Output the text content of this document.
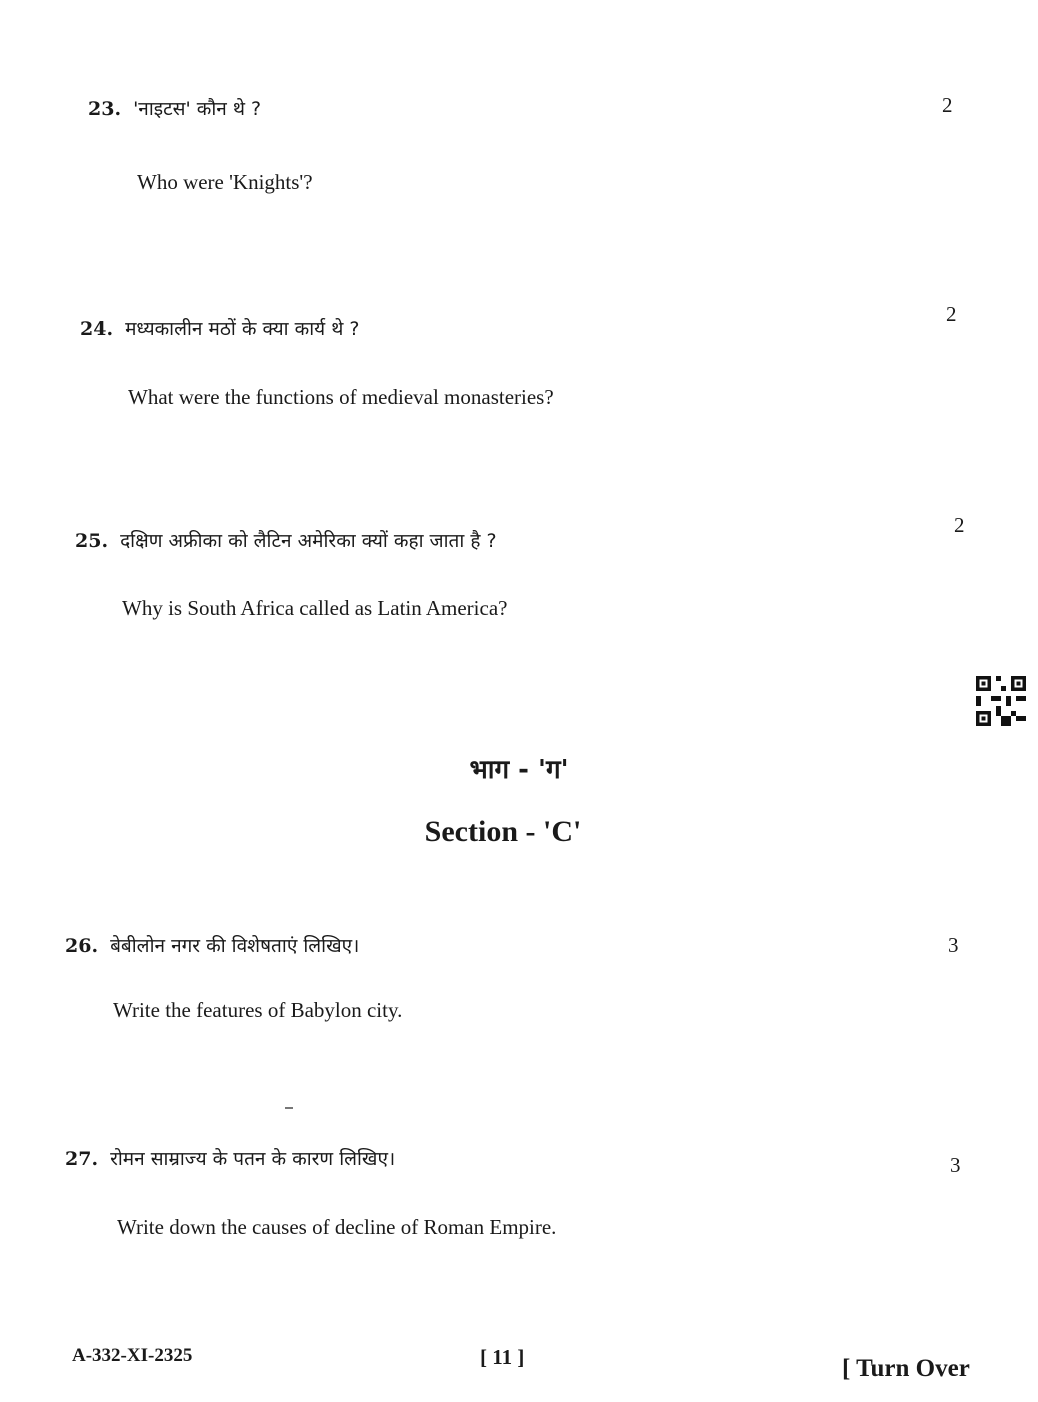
23. 'नाइटस' कौन थे ?
Who were 'Knights'?
2
24. मध्यकालीन मठों के क्या कार्य थे ?
What were the functions of medieval monasteries?
2
25. दक्षिण अफ्रीका को लैटिन अमेरिका क्यों कहा जाता है ?
Why is South Africa called as Latin America?
2
भाग - 'ग'
Section - 'C'
26. बेबीलोन नगर की विशेषताएं लिखिए।
Write the features of Babylon city.
3
27. रोमन साम्राज्य के पतन के कारण लिखिए।
Write down the causes of decline of Roman Empire.
3
A-332-XI-2325	[ 11 ]	[ Turn Over
